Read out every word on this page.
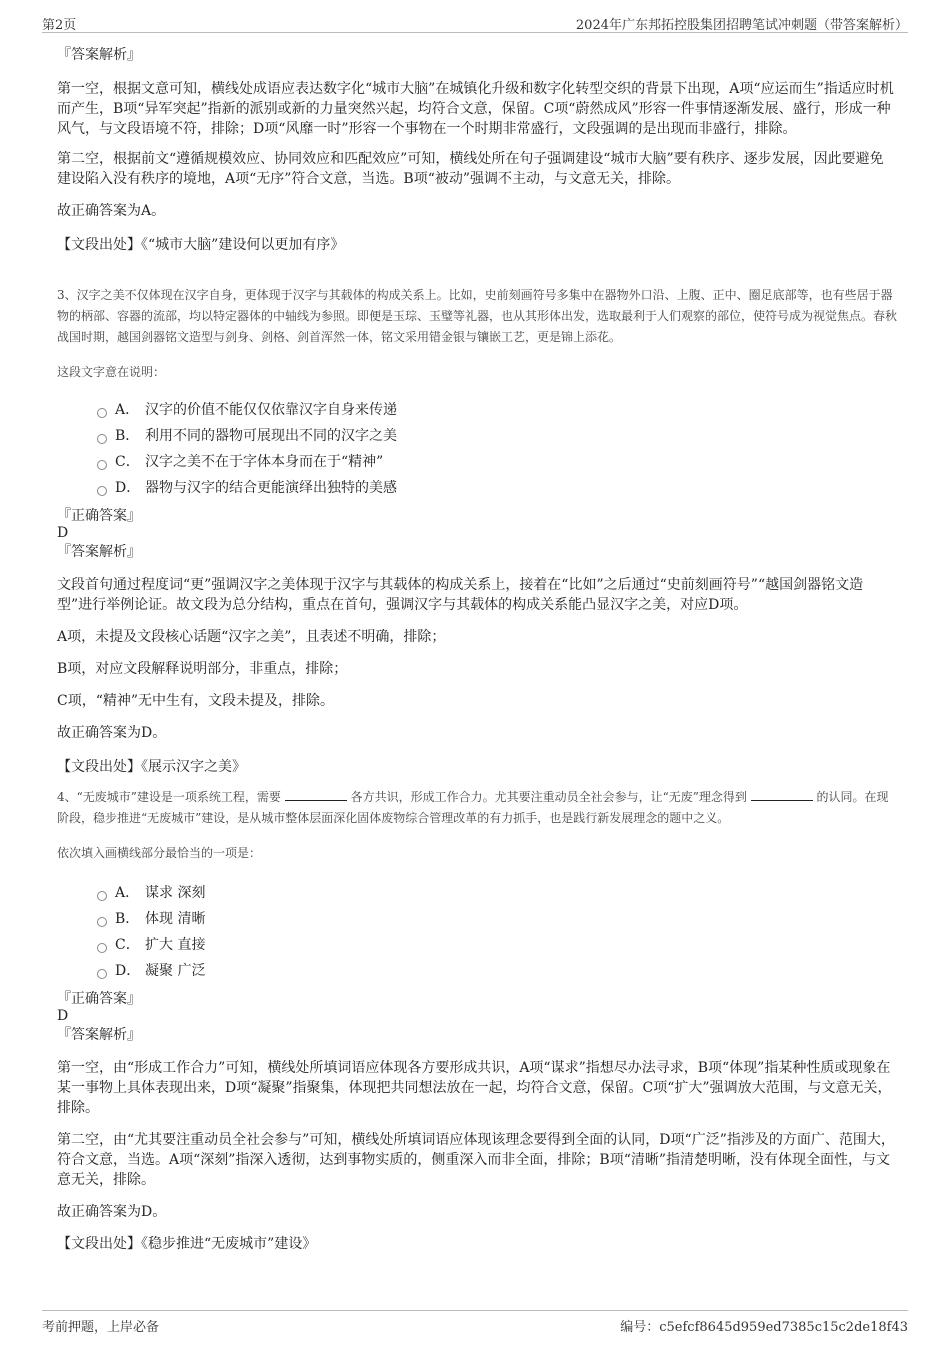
第2页	2024年广东邦拓控股集团招聘笔试冲刺题（带答案解析）

『答案解析』

第一空，根据文意可知，横线处成语应表达数字化“城市大脑”在城镇化升级和数字化转型交织的背景下出现，A项“应运而生”指适应时机而产生，B项“异军突起”指新的派别或新的力量突然兴起，均符合文意，保留。C项“蔚然成风”形容一件事情逐渐发展、盛行，形成一种风气，与文段语境不符，排除；D项“风靡一时”形容一个事物在一个时期非常盛行，文段强调的是出现而非盛行，排除。

第二空，根据前文“遵循规模效应、协同效应和匹配效应”可知，横线处所在句子强调建设“城市大脑”要有秩序、逐步发展，因此要避免建设陷入没有秩序的境地，A项“无序”符合文意，当选。B项“被动”强调不主动，与文意无关，排除。

故正确答案为A。

【文段出处】《“城市大脑”建设何以更加有序》

3、汉字之美不仅体现在汉字自身，更体现于汉字与其载体的构成关系上。比如，史前刻画符号多集中在器物外口沿、上腹、正中、圈足底部等，也有些居于器物的柄部、容器的流部，均以特定器体的中轴线为参照。即便是玉琮、玉璧等礼器，也从其形体出发，选取最利于人们观察的部位，使符号成为视觉焦点。春秋战国时期，越国剑器铭文造型与剑身、剑格、剑首浑然一体，铭文采用错金银与镶嵌工艺，更是锦上添花。

这段文字意在说明：

A． 汉字的价值不能仅仅依靠汉字自身来传递
B． 利用不同的器物可展现出不同的汉字之美
C． 汉字之美不在于字体本身而在于“精神”
D． 器物与汉字的结合更能演绎出独特的美感

『正确答案』

D

『答案解析』

文段首句通过程度词“更”强调汉字之美体现于汉字与其载体的构成关系上，接着在“比如”之后通过“史前刻画符号”“越国剑器铭文造型”进行举例论证。故文段为总分结构，重点在首句，强调汉字与其载体的构成关系能凸显汉字之美，对应D项。

A项，未提及文段核心话题“汉字之美”，且表述不明确，排除；

B项，对应文段解释说明部分，非重点，排除；

C项，“精神”无中生有，文段未提及，排除。

故正确答案为D。

【文段出处】《展示汉字之美》

4、“无废城市”建设是一项系统工程，需要	各方共识，形成工作合力。尤其要注重动员全社会参与，让“无废”理念得到	的认同。在现阶段，稳步推进“无废城市”建设，是从城市整体层面深化固体废物综合管理改革的有力抓手，也是践行新发展理念的题中之义。

依次填入画横线部分最恰当的一项是：

A． 谋求 深刻
B． 体现 清晰
C． 扩大 直接
D． 凝聚 广泛

『正确答案』

D

『答案解析』

第一空，由“形成工作合力”可知，横线处所填词语应体现各方要形成共识，A项“谋求”指想尽办法寻求，B项“体现”指某种性质或现象在某一事物上具体表现出来，D项“凝聚”指聚集，体现把共同想法放在一起，均符合文意，保留。C项“扩大”强调放大范围，与文意无关，排除。

第二空，由“尤其要注重动员全社会参与”可知，横线处所填词语应体现该理念要得到全面的认同，D项“广泛”指涉及的方面广、范围大，符合文意，当选。A项“深刻”指深入透彻，达到事物实质的，侧重深入而非全面，排除；B项“清晰”指清楚明晰，没有体现全面性，与文意无关，排除。

故正确答案为D。

【文段出处】《稳步推进“无废城市”建设》

考前押题，上岸必备	编号：c5efcf8645d959ed7385c15c2de18f43
